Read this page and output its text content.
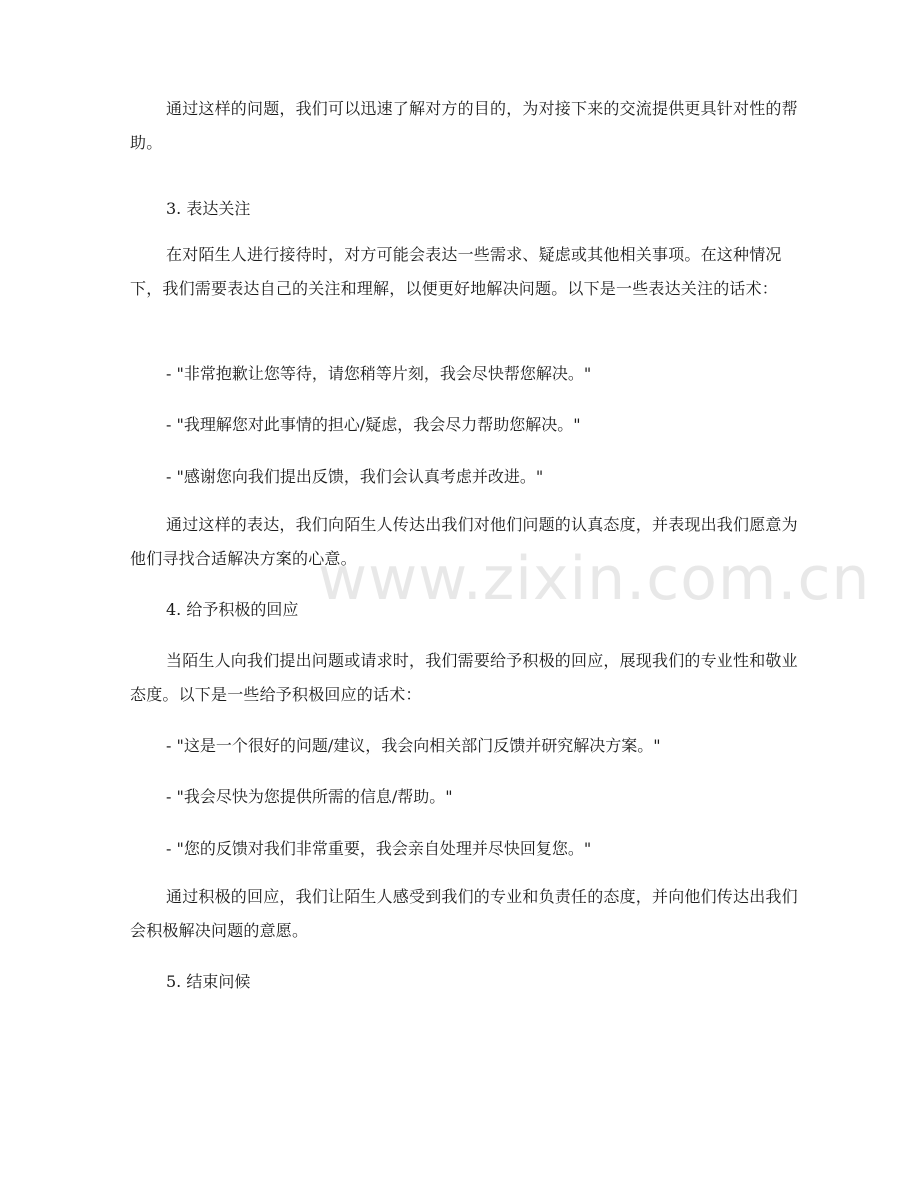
通过这样的问题，我们可以迅速了解对方的目的，为对接下来的交流提供更具针对性的帮助。

3. 表达关注

在对陌生人进行接待时，对方可能会表达一些需求、疑虑或其他相关事项。在这种情况下，我们需要表达自己的关注和理解，以便更好地解决问题。以下是一些表达关注的话术：

- "非常抱歉让您等待，请您稍等片刻，我会尽快帮您解决。"

- "我理解您对此事情的担心/疑虑，我会尽力帮助您解决。"

- "感谢您向我们提出反馈，我们会认真考虑并改进。"

通过这样的表达，我们向陌生人传达出我们对他们问题的认真态度，并表现出我们愿意为他们寻找合适解决方案的心意。

4. 给予积极的回应

当陌生人向我们提出问题或请求时，我们需要给予积极的回应，展现我们的专业性和敬业态度。以下是一些给予积极回应的话术：

- "这是一个很好的问题/建议，我会向相关部门反馈并研究解决方案。"

- "我会尽快为您提供所需的信息/帮助。"

- "您的反馈对我们非常重要，我会亲自处理并尽快回复您。"

通过积极的回应，我们让陌生人感受到我们的专业和负责任的态度，并向他们传达出我们会积极解决问题的意愿。

5. 结束问候

www.zixin.com.cn
